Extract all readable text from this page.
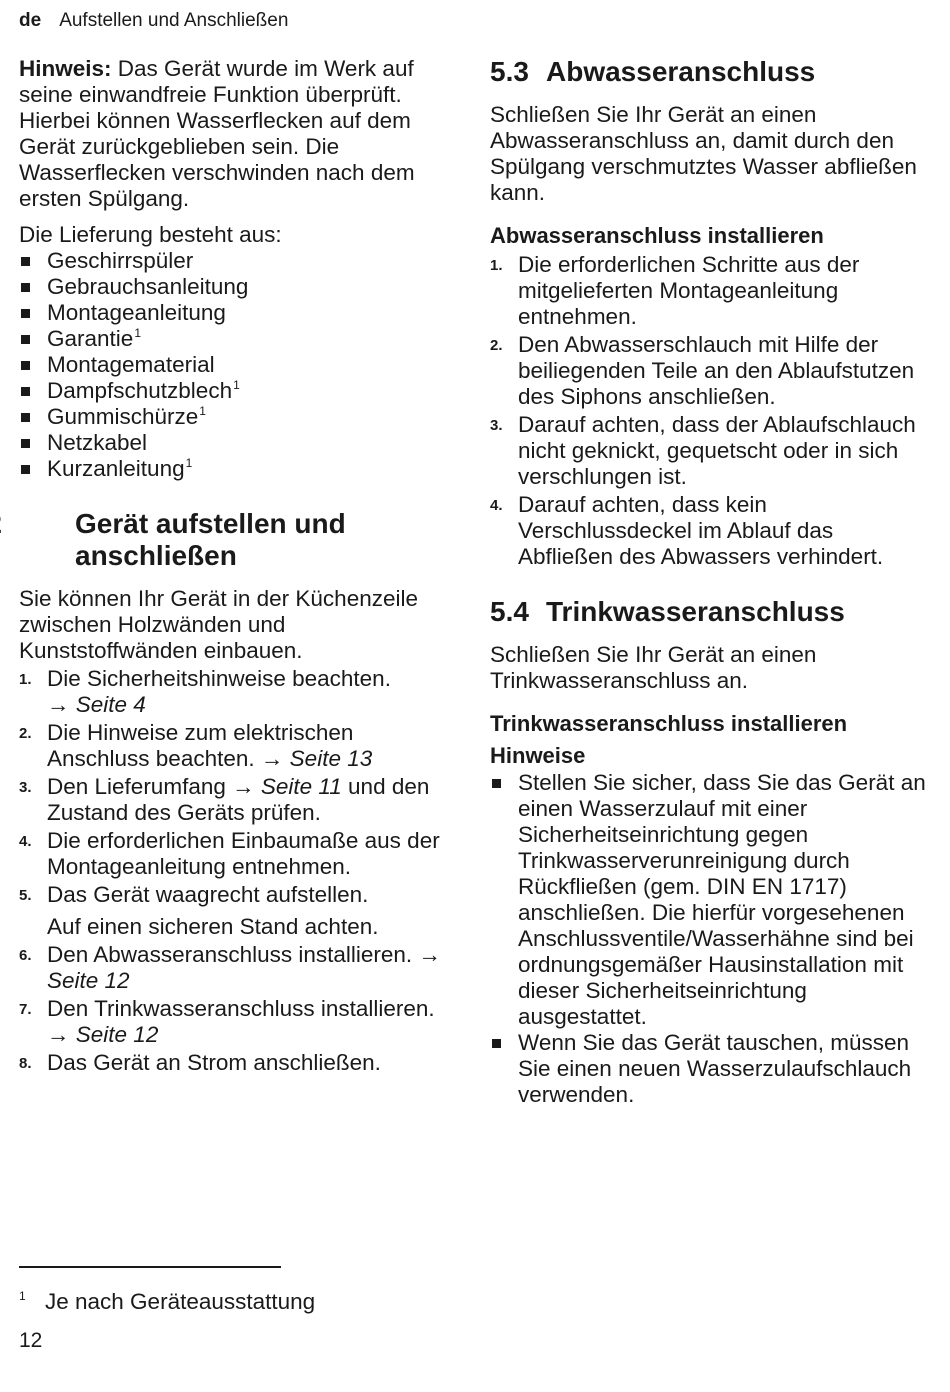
de Aufstellen und Anschließen

Hinweis: Das Gerät wurde im Werk auf seine einwandfreie Funktion überprüft. Hierbei können Wasserflecken auf dem Gerät zurückgeblieben sein. Die Wasserflecken verschwinden nach dem ersten Spülgang.

Die Lieferung besteht aus:

Geschirrspüler
Gebrauchsanleitung
Montageanleitung
Garantie$^1$
Montagematerial
Dampfschutzblech$^1$
Gummischürze$^1$
Netzkabel
Kurzanleitung$^1$
Gerät aufstellen und anschließen

Sie können Ihr Gerät in der Küchenzeile zwischen Holzwänden und Kunststoffwänden einbauen.

1. Die Sicherheitshinweise beachten.
→ Seite 4
2. Die Hinweise zum elektrischen Anschluss beachten. → Seite 13
3. Den Lieferumfang → Seite 11 und den Zustand des Geräts prüfen.
4. Die erforderlichen Einbaumaße aus der Montageanleitung entnehmen.
5. Das Gerät waagrecht aufstellen.

Auf einen sicheren Stand achten.

6. Den Abwasseranschluss installieren. → Seite 12
7. Den Trinkwasseranschluss installieren. → Seite 12
8. Das Gerät an Strom anschließen.
5.3 Abwasseranschluss

Schließen Sie Ihr Gerät an einen Abwasseranschluss an, damit durch den Spülgang verschmutztes Wasser abfließen kann.

Abwasseranschluss installieren
1. Die erforderlichen Schritte aus der mitgelieferten Montageanleitung entnehmen.
2. Den Abwasserschlauch mit Hilfe der beiliegenden Teile an den Ablaufstutzen des Siphons anschließen.
3. Darauf achten, dass der Ablaufschlauch nicht geknickt, gequetscht oder in sich verschlungen ist.
4. Darauf achten, dass kein Verschlussdeckel im Ablauf das Abfließen des Abwassers verhindert.
5.4 Trinkwasseranschluss

Schließen Sie Ihr Gerät an einen Trinkwasseranschluss an.

Trinkwasseranschluss installieren
Hinweise
Stellen Sie sicher, dass Sie das Gerät an einen Wasserzulauf mit einer Sicherheitseinrichtung gegen Trinkwasserverunreinigung durch Rückfließen (gem. DIN EN 1717) anschließen. Die hierfür vorgesehenen Anschlussventile/Wasserhähne sind bei ordnungsgemäßer Hausinstallation mit dieser Sicherheitseinrichtung ausgestattet.
Wenn Sie das Gerät tauschen, müssen Sie einen neuen Wasserzulaufschlauch verwenden.
1 Je nach Geräteausstattung
12
